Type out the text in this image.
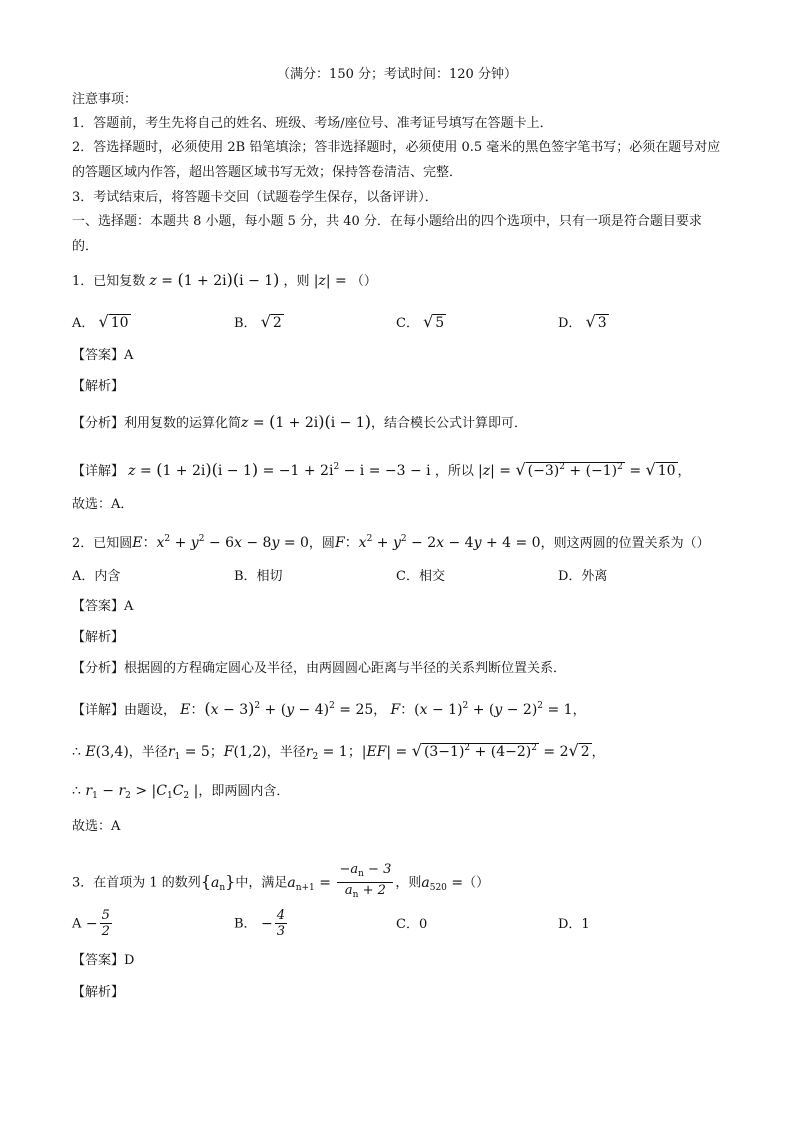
（满分：150 分；考试时间：120 分钟）
注意事项：
1．答题前，考生先将自己的姓名、班级、考场/座位号、准考证号填写在答题卡上．
2．答选择题时，必须使用 2B 铅笔填涂；答非选择题时，必须使用 0.5 毫米的黑色签字笔书写；必须在题号对应的答题区域内作答，超出答题区域书写无效；保持答卷清洁、完整．
3．考试结束后，将答题卡交回（试题卷学生保存，以备评讲）．
一、选择题：本题共 8 小题，每小题 5 分，共 40 分．在每小题给出的四个选项中，只有一项是符合题目要求的．
1．已知复数 z = (1 + 2i)(i − 1) ，则 |z| = （）
A． √ 10	B． √ 2	C． √ 5	D． √ 3
【答案】A
【解析】
【分析】利用复数的运算化简z = (1 + 2i)(i − 1)，结合模长公式计算即可．
【详解】 $z = (1 + 2i)(i - 1) = -1 + 2i^2 - i = -3 - i$ ，所以 |z| = √ $(-3)^2 + (-1)^2$ = √ 10 ，
故选：A．
2．已知圆E：$x^2 + y^2 - 6x - 8y = 0$，圆F：$x^2 + y^2 - 2x - 4y + 4 = 0$，则这两圆的位置关系为（）
A．内含	B．相切	C．相交	D．外离
【答案】A
【解析】
【分析】根据圆的方程确定圆心及半径，由两圆圆心距离与半径的关系判断位置关系．
【详解】由题设， E：$(x - 3)^2 + (y - 4)^2 = 25$， F：$(x - 1)^2 + (y - 2)^2 = 1$，
∴ E(3,4)，半径$r_1 = 5$；F(1,2)，半径$r_2 = 1$；|EF| = √ $(3-1)^2 + (4-2)^2 = 2√$ 2 ，
∴ $r_1 - r_2 > |C_1C_2$ |，即两圆内含．
故选：A
3．在首项为 1 的数列$\{a_n\}$中，满足$a_{n+1} = \frac{-a_n - 3}{a_n + 2}$ ，则$a_{520}$ =（）
$A - \frac{5}{2}$	B． − $\frac{4}{3}$	C．0	D．1
【答案】D
【解析】
